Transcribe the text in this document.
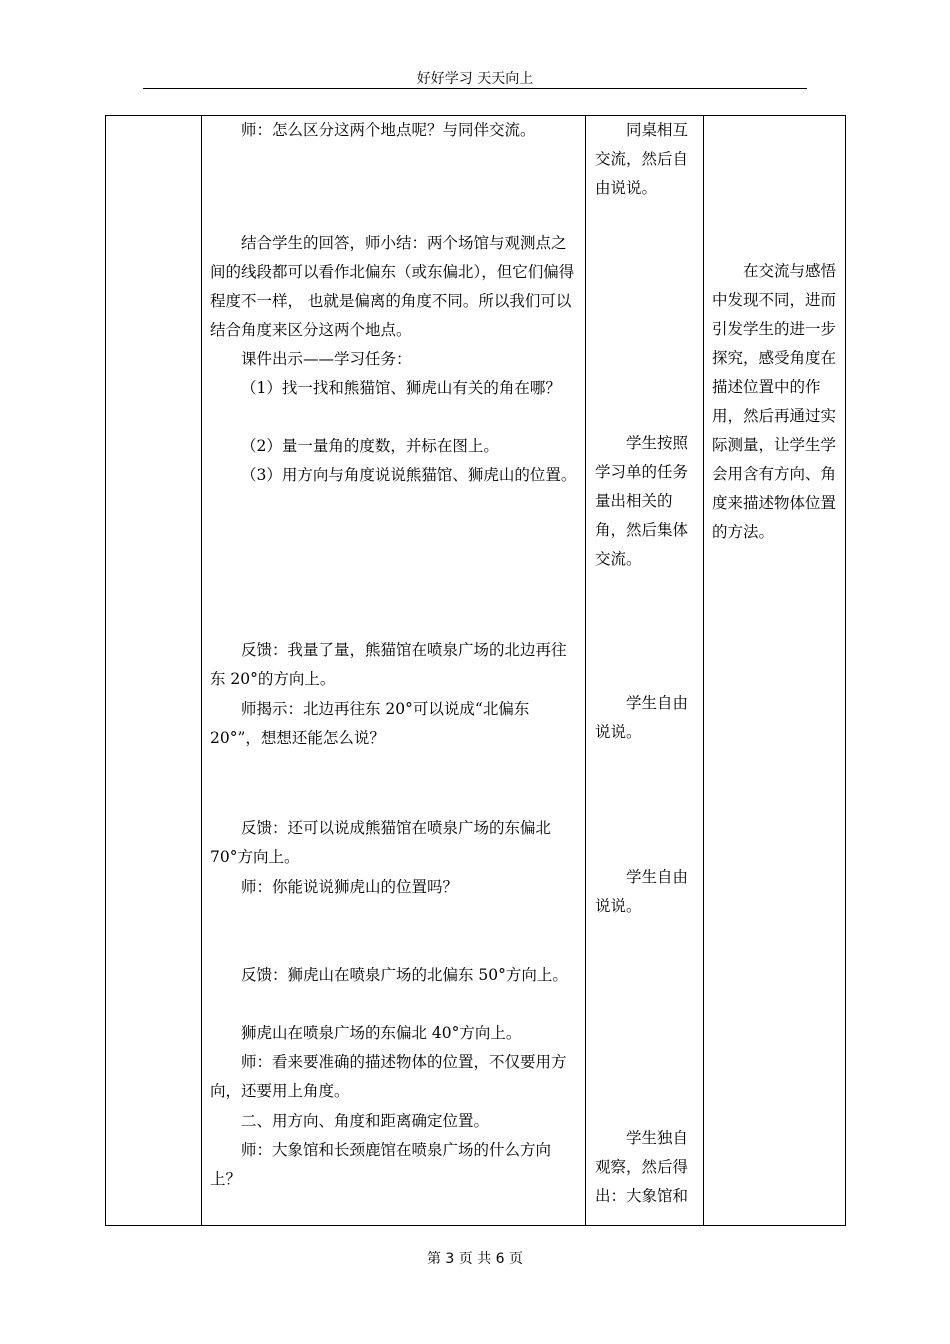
好好学习 天天向上

师：怎么区分这两个地点呢？与同伴交流。

结合学生的回答，师小结：两个场馆与观测点之间的线段都可以看作北偏东（或东偏北），但它们偏得程度不一样， 也就是偏离的角度不同。所以我们可以结合角度来区分这两个地点。

课件出示——学习任务：

（1）找一找和熊猫馆、狮虎山有关的角在哪？

（2）量一量角的度数，并标在图上。

（3）用方向与角度说说熊猫馆、狮虎山的位置。

反馈：我量了量，熊猫馆在喷泉广场的北边再往东 20°的方向上。

师揭示：北边再往东 20°可以说成“北偏东 20°”，想想还能怎么说？

反馈：还可以说成熊猫馆在喷泉广场的东偏北 70°方向上。

师：你能说说狮虎山的位置吗？

反馈：狮虎山在喷泉广场的北偏东 50°方向上。

狮虎山在喷泉广场的东偏北 40°方向上。

师：看来要准确的描述物体的位置，不仅要用方向，还要用上角度。

二、用方向、角度和距离确定位置。

师：大象馆和长颈鹿馆在喷泉广场的什么方向上？

同桌相互交流，然后自由说说。

学生按照学习单的任务量出相关的角，然后集体交流。

学生自由说说。

学生自由说说。

学生独自观察，然后得出：大象馆和

在交流与感悟中发现不同，进而引发学生的进一步探究，感受角度在描述位置中的作用，然后再通过实际测量，让学生学会用含有方向、角度来描述物体位置的方法。

第 3 页 共 6 页
